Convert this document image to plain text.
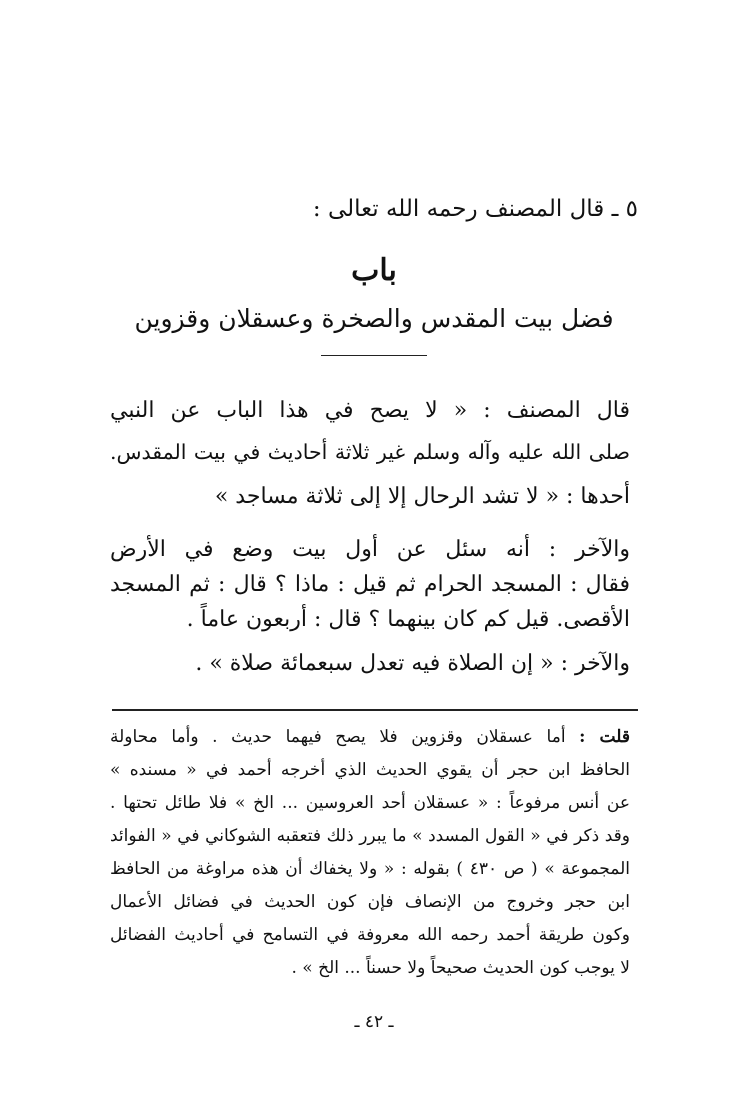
٥ ـ قال المصنف رحمه الله تعالى :
باب
فضل بيت المقدس والصخرة وعسقلان وقزوين
قال المصنف : « لا يصح في هذا الباب عن النبي
صلى الله عليه وآله وسلم غير ثلاثة أحاديث في بيت المقدس.
أحدها : « لا تشد الرحال إلا إلى ثلاثة مساجد »
والآخر : أنه سئل عن أول بيت وضع في الأرض
فقال : المسجد الحرام ثم قيل : ماذا ؟ قال : ثم المسجد
الأقصى. قيل كم كان بينهما ؟ قال : أربعون عاماً .
والآخر : « إن الصلاة فيه تعدل سبعمائة صلاة » .
قلت : أما عسقلان وقزوين فلا يصح فيهما حديث . وأما محاولة
الحافظ ابن حجر أن يقوي الحديث الذي أخرجه أحمد في « مسنده »
عن أنس مرفوعاً : « عسقلان أحد العروسين ... الخ » فلا طائل تحتها .
وقد ذكر في « القول المسدد » ما يبرر ذلك فتعقبه الشوكاني في « الفوائد
المجموعة » ( ص ٤٣٠ ) بقوله : « ولا يخفاك أن هذه مراوغة من الحافظ
ابن حجر وخروج من الإنصاف فإن كون الحديث في فضائل الأعمال
وكون طريقة أحمد رحمه الله معروفة في التسامح في أحاديث الفضائل
لا يوجب كون الحديث صحيحاً ولا حسناً ... الخ » .
ـ ٤٢ ـ
